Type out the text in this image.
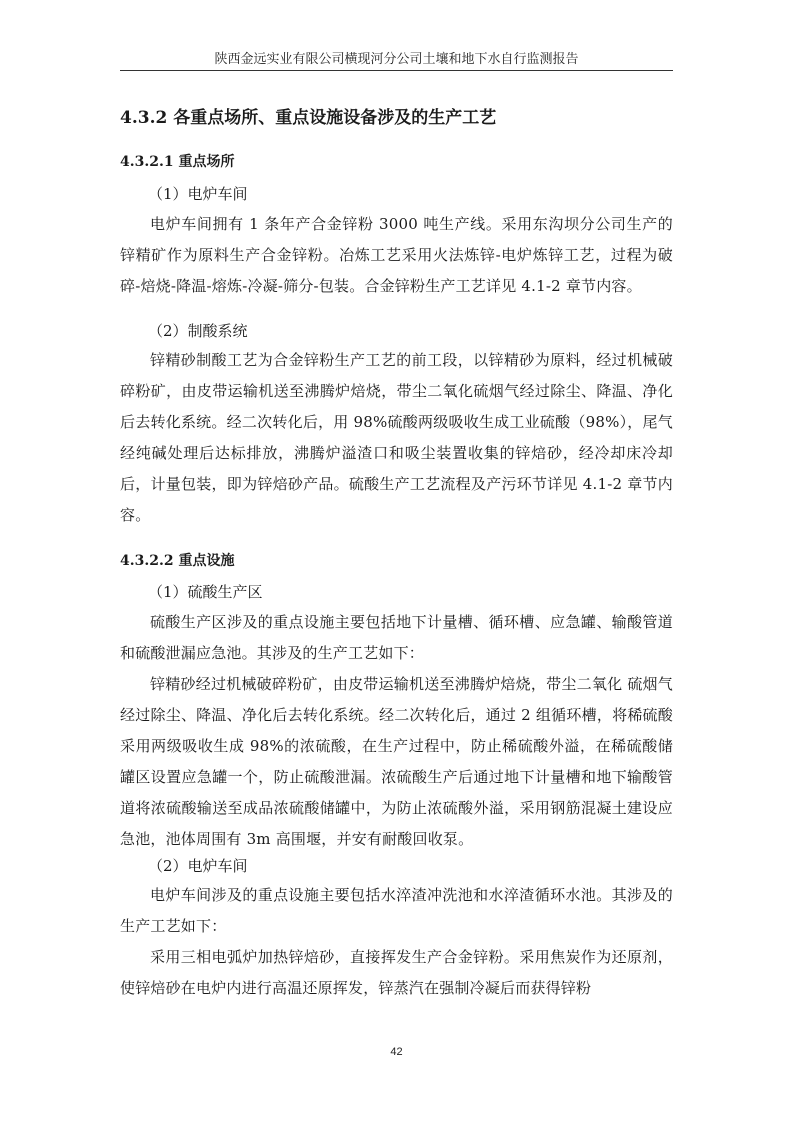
陕西金远实业有限公司横现河分公司土壤和地下水自行监测报告
4.3.2 各重点场所、重点设施设备涉及的生产工艺
4.3.2.1 重点场所

（1）电炉车间

电炉车间拥有 1 条年产合金锌粉 3000 吨生产线。采用东沟坝分公司生产的锌精矿作为原料生产合金锌粉。冶炼工艺采用火法炼锌-电炉炼锌工艺，过程为破碎-焙烧-降温-熔炼-冷凝-筛分-包装。合金锌粉生产工艺详见 4.1-2 章节内容。

（2）制酸系统

锌精砂制酸工艺为合金锌粉生产工艺的前工段，以锌精砂为原料，经过机械破碎粉矿，由皮带运输机送至沸腾炉焙烧，带尘二氧化硫烟气经过除尘、降温、净化后去转化系统。经二次转化后，用 98%硫酸两级吸收生成工业硫酸（98%），尾气经纯碱处理后达标排放，沸腾炉溢渣口和吸尘装置收集的锌焙砂，经冷却床冷却后，计量包装，即为锌焙砂产品。硫酸生产工艺流程及产污环节详见 4.1-2 章节内容。

4.3.2.2 重点设施

（1）硫酸生产区

硫酸生产区涉及的重点设施主要包括地下计量槽、循环槽、应急罐、输酸管道和硫酸泄漏应急池。其涉及的生产工艺如下：

锌精砂经过机械破碎粉矿，由皮带运输机送至沸腾炉焙烧，带尘二氧化 硫烟气经过除尘、降温、净化后去转化系统。经二次转化后，通过 2 组循环槽，将稀硫酸采用两级吸收生成 98%的浓硫酸，在生产过程中，防止稀硫酸外溢，在稀硫酸储罐区设置应急罐一个，防止硫酸泄漏。浓硫酸生产后通过地下计量槽和地下输酸管道将浓硫酸输送至成品浓硫酸储罐中，为防止浓硫酸外溢，采用钢筋混凝土建设应急池，池体周围有 3m 高围堰，并安有耐酸回收泵。

（2）电炉车间

电炉车间涉及的重点设施主要包括水淬渣冲洗池和水淬渣循环水池。其涉及的生产工艺如下：

采用三相电弧炉加热锌焙砂，直接挥发生产合金锌粉。采用焦炭作为还原剂，使锌焙砂在电炉内进行高温还原挥发，锌蒸汽在强制冷凝后而获得锌粉

42
